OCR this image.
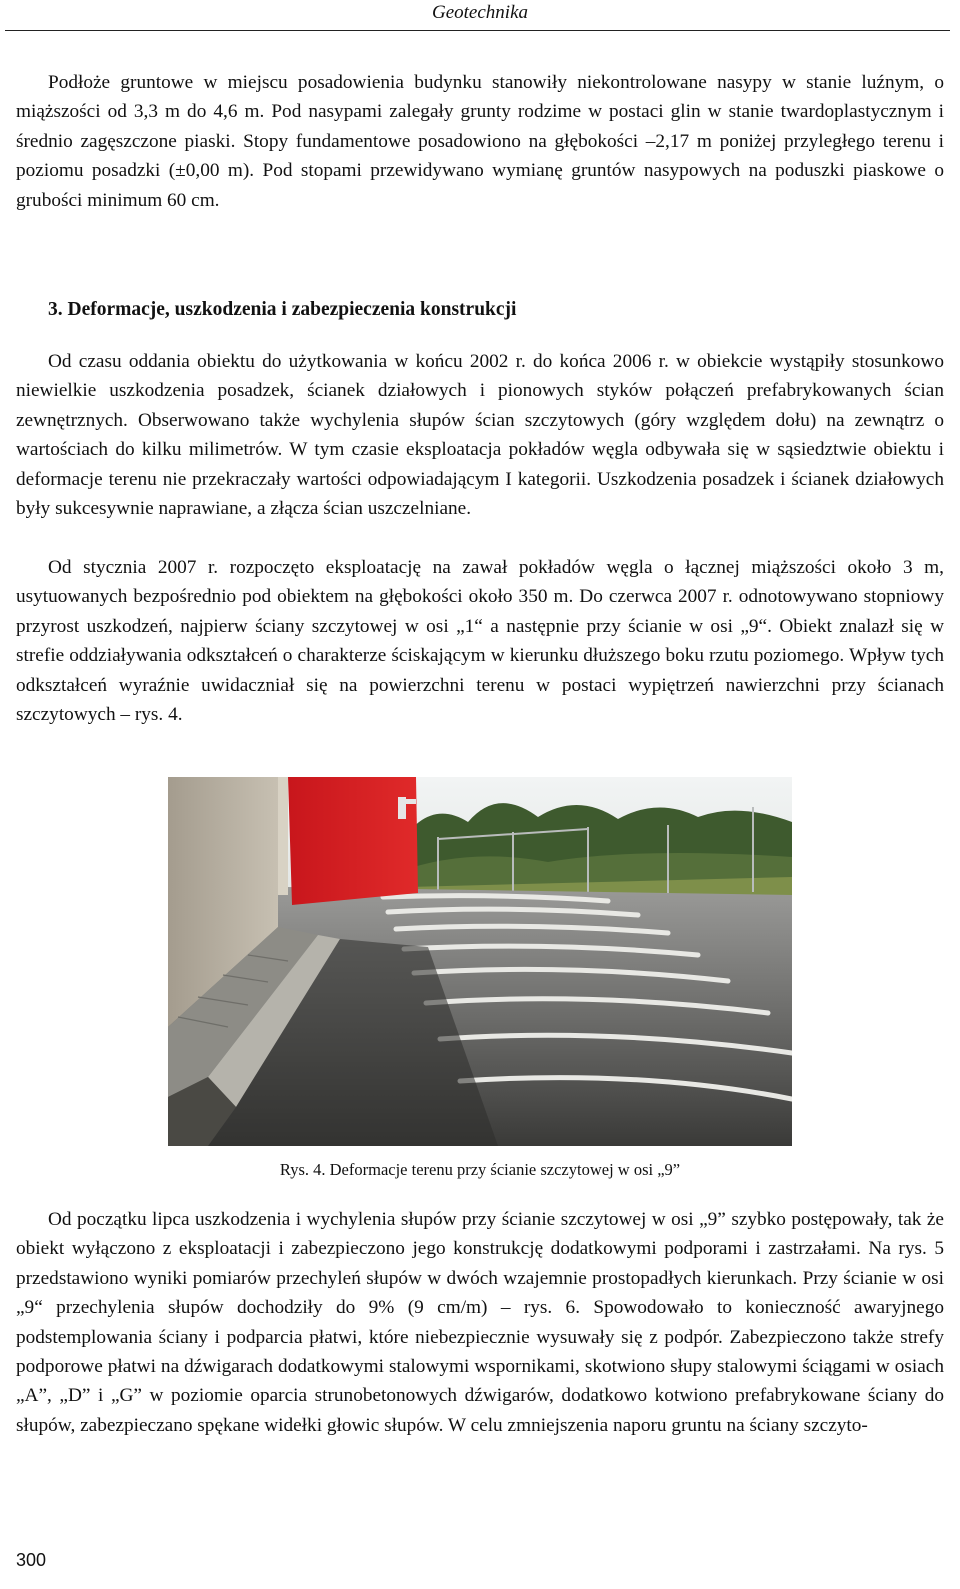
Geotechnika

Podłoże gruntowe w miejscu posadowienia budynku stanowiły niekontrolowane nasypy w stanie luźnym, o miąższości od 3,3 m do 4,6 m. Pod nasypami zalegały grunty rodzime w postaci glin w stanie twardoplastycznym i średnio zagęszczone piaski. Stopy fundamentowe posadowiono na głębokości –2,17 m poniżej przyległego terenu i poziomu posadzki (±0,00 m). Pod stopami przewidywano wymianę gruntów nasypowych na poduszki piaskowe o grubości minimum 60 cm.

3. Deformacje, uszkodzenia i zabezpieczenia konstrukcji

Od czasu oddania obiektu do użytkowania w końcu 2002 r. do końca 2006 r. w obiekcie wystąpiły stosunkowo niewielkie uszkodzenia posadzek, ścianek działowych i pionowych styków połączeń prefabrykowanych ścian zewnętrznych. Obserwowano także wychylenia słupów ścian szczytowych (góry względem dołu) na zewnątrz o wartościach do kilku milimetrów. W tym czasie eksploatacja pokładów węgla odbywała się w sąsiedztwie obiektu i deformacje terenu nie przekraczały wartości odpowiadającym I kategorii. Uszkodzenia posadzek i ścianek działowych były sukcesywnie naprawiane, a złącza ścian uszczelniane.

Od stycznia 2007 r. rozpoczęto eksploatację na zawał pokładów węgla o łącznej miąższości około 3 m, usytuowanych bezpośrednio pod obiektem na głębokości około 350 m. Do czerwca 2007 r. odnotowywano stopniowy przyrost uszkodzeń, najpierw ściany szczytowej w osi „1“ a następnie przy ścianie w osi „9“. Obiekt znalazł się w strefie oddziaływania odkształceń o charakterze ściskającym w kierunku dłuższego boku rzutu poziomego. Wpływ tych odkształceń wyraźnie uwidaczniał się na powierzchni terenu w postaci wypiętrzeń nawierzchni przy ścianach szczytowych – rys. 4.

Rys. 4. Deformacje terenu przy ścianie szczytowej w osi „9”

Od początku lipca uszkodzenia i wychylenia słupów przy ścianie szczytowej w osi „9” szybko postępowały, tak że obiekt wyłączono z eksploatacji i zabezpieczono jego konstrukcję dodatkowymi podporami i zastrzałami. Na rys. 5 przedstawiono wyniki pomiarów przechyleń słupów w dwóch wzajemnie prostopadłych kierunkach. Przy ścianie w osi „9“ przechylenia słupów dochodziły do 9% (9 cm/m) – rys. 6. Spowodowało to konieczność awaryjnego podstemplowania ściany i podparcia płatwi, które niebezpiecznie wysuwały się z podpór. Zabezpieczono także strefy podporowe płatwi na dźwigarach dodatkowymi stalowymi wspornikami, skotwiono słupy stalowymi ściągami w osiach „A”, „D” i „G” w poziomie oparcia strunobetonowych dźwigarów, dodatkowo kotwiono prefabrykowane ściany do słupów, zabezpieczano spękane widełki głowic słupów. W celu zmniejszenia naporu gruntu na ściany szczyto-

300
